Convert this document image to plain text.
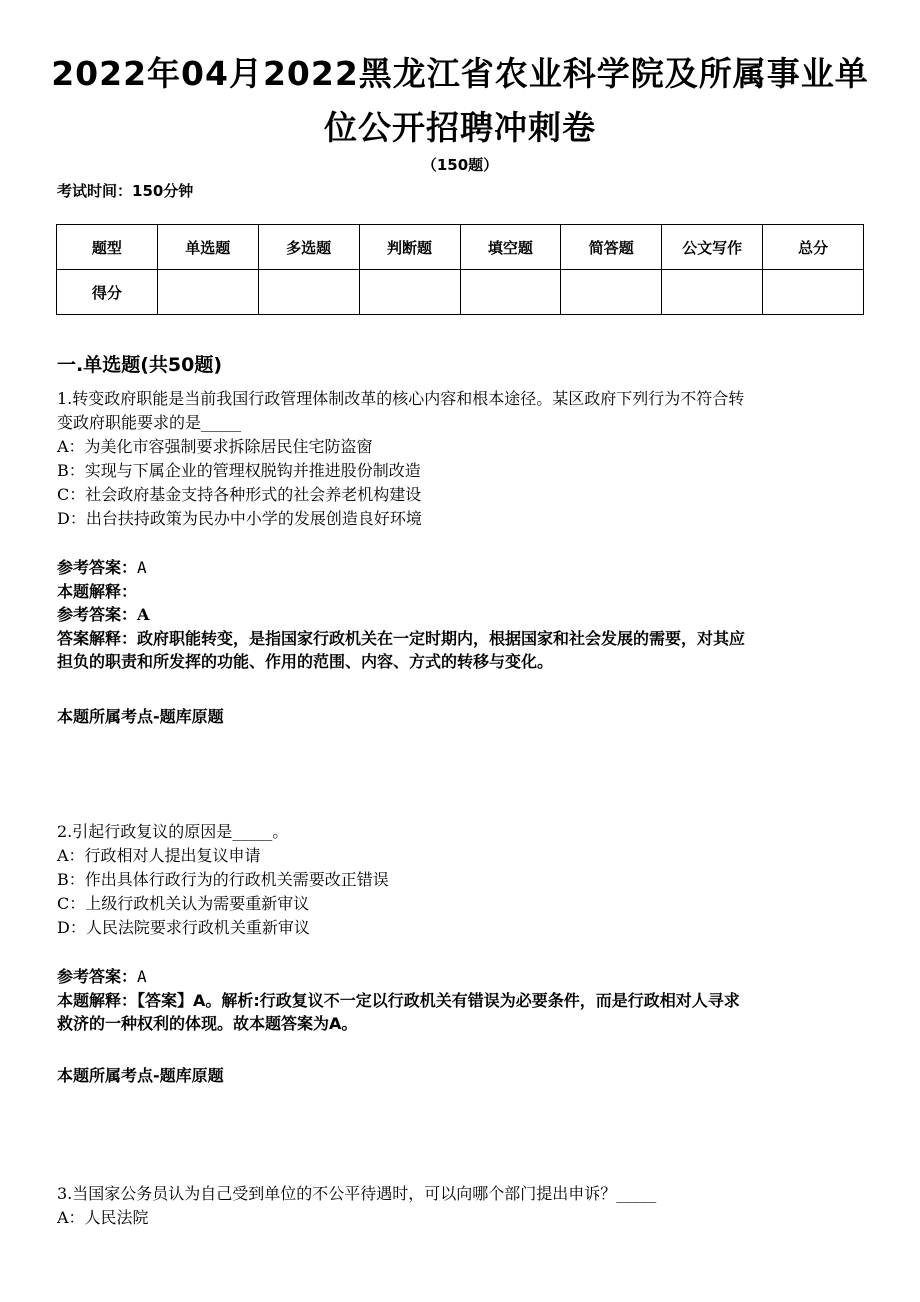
2022年04月2022黑龙江省农业科学院及所属事业单
位公开招聘冲刺卷
（150题）
考试时间：150分钟
题型	单选题	多选题	判断题	填空题	简答题	公文写作	总分
得分							
一.单选题(共50题)
1.转变政府职能是当前我国行政管理体制改革的核心内容和根本途径。某区政府下列行为不符合转
变政府职能要求的是_____
A：为美化市容强制要求拆除居民住宅防盗窗
B：实现与下属企业的管理权脱钩并推进股份制改造
C：社会政府基金支持各种形式的社会养老机构建设
D：出台扶持政策为民办中小学的发展创造良好环境
参考答案：A
本题解释：
参考答案：A
答案解释：政府职能转变，是指国家行政机关在一定时期内，根据国家和社会发展的需要，对其应
担负的职责和所发挥的功能、作用的范围、内容、方式的转移与变化。
本题所属考点-题库原题
2.引起行政复议的原因是_____。
A：行政相对人提出复议申请
B：作出具体行政行为的行政机关需要改正错误
C：上级行政机关认为需要重新审议
D：人民法院要求行政机关重新审议
参考答案：A
本题解释：【答案】A。解析:行政复议不一定以行政机关有错误为必要条件，而是行政相对人寻求
救济的一种权利的体现。故本题答案为A。
本题所属考点-题库原题
3.当国家公务员认为自己受到单位的不公平待遇时，可以向哪个部门提出申诉？_____
A：人民法院
